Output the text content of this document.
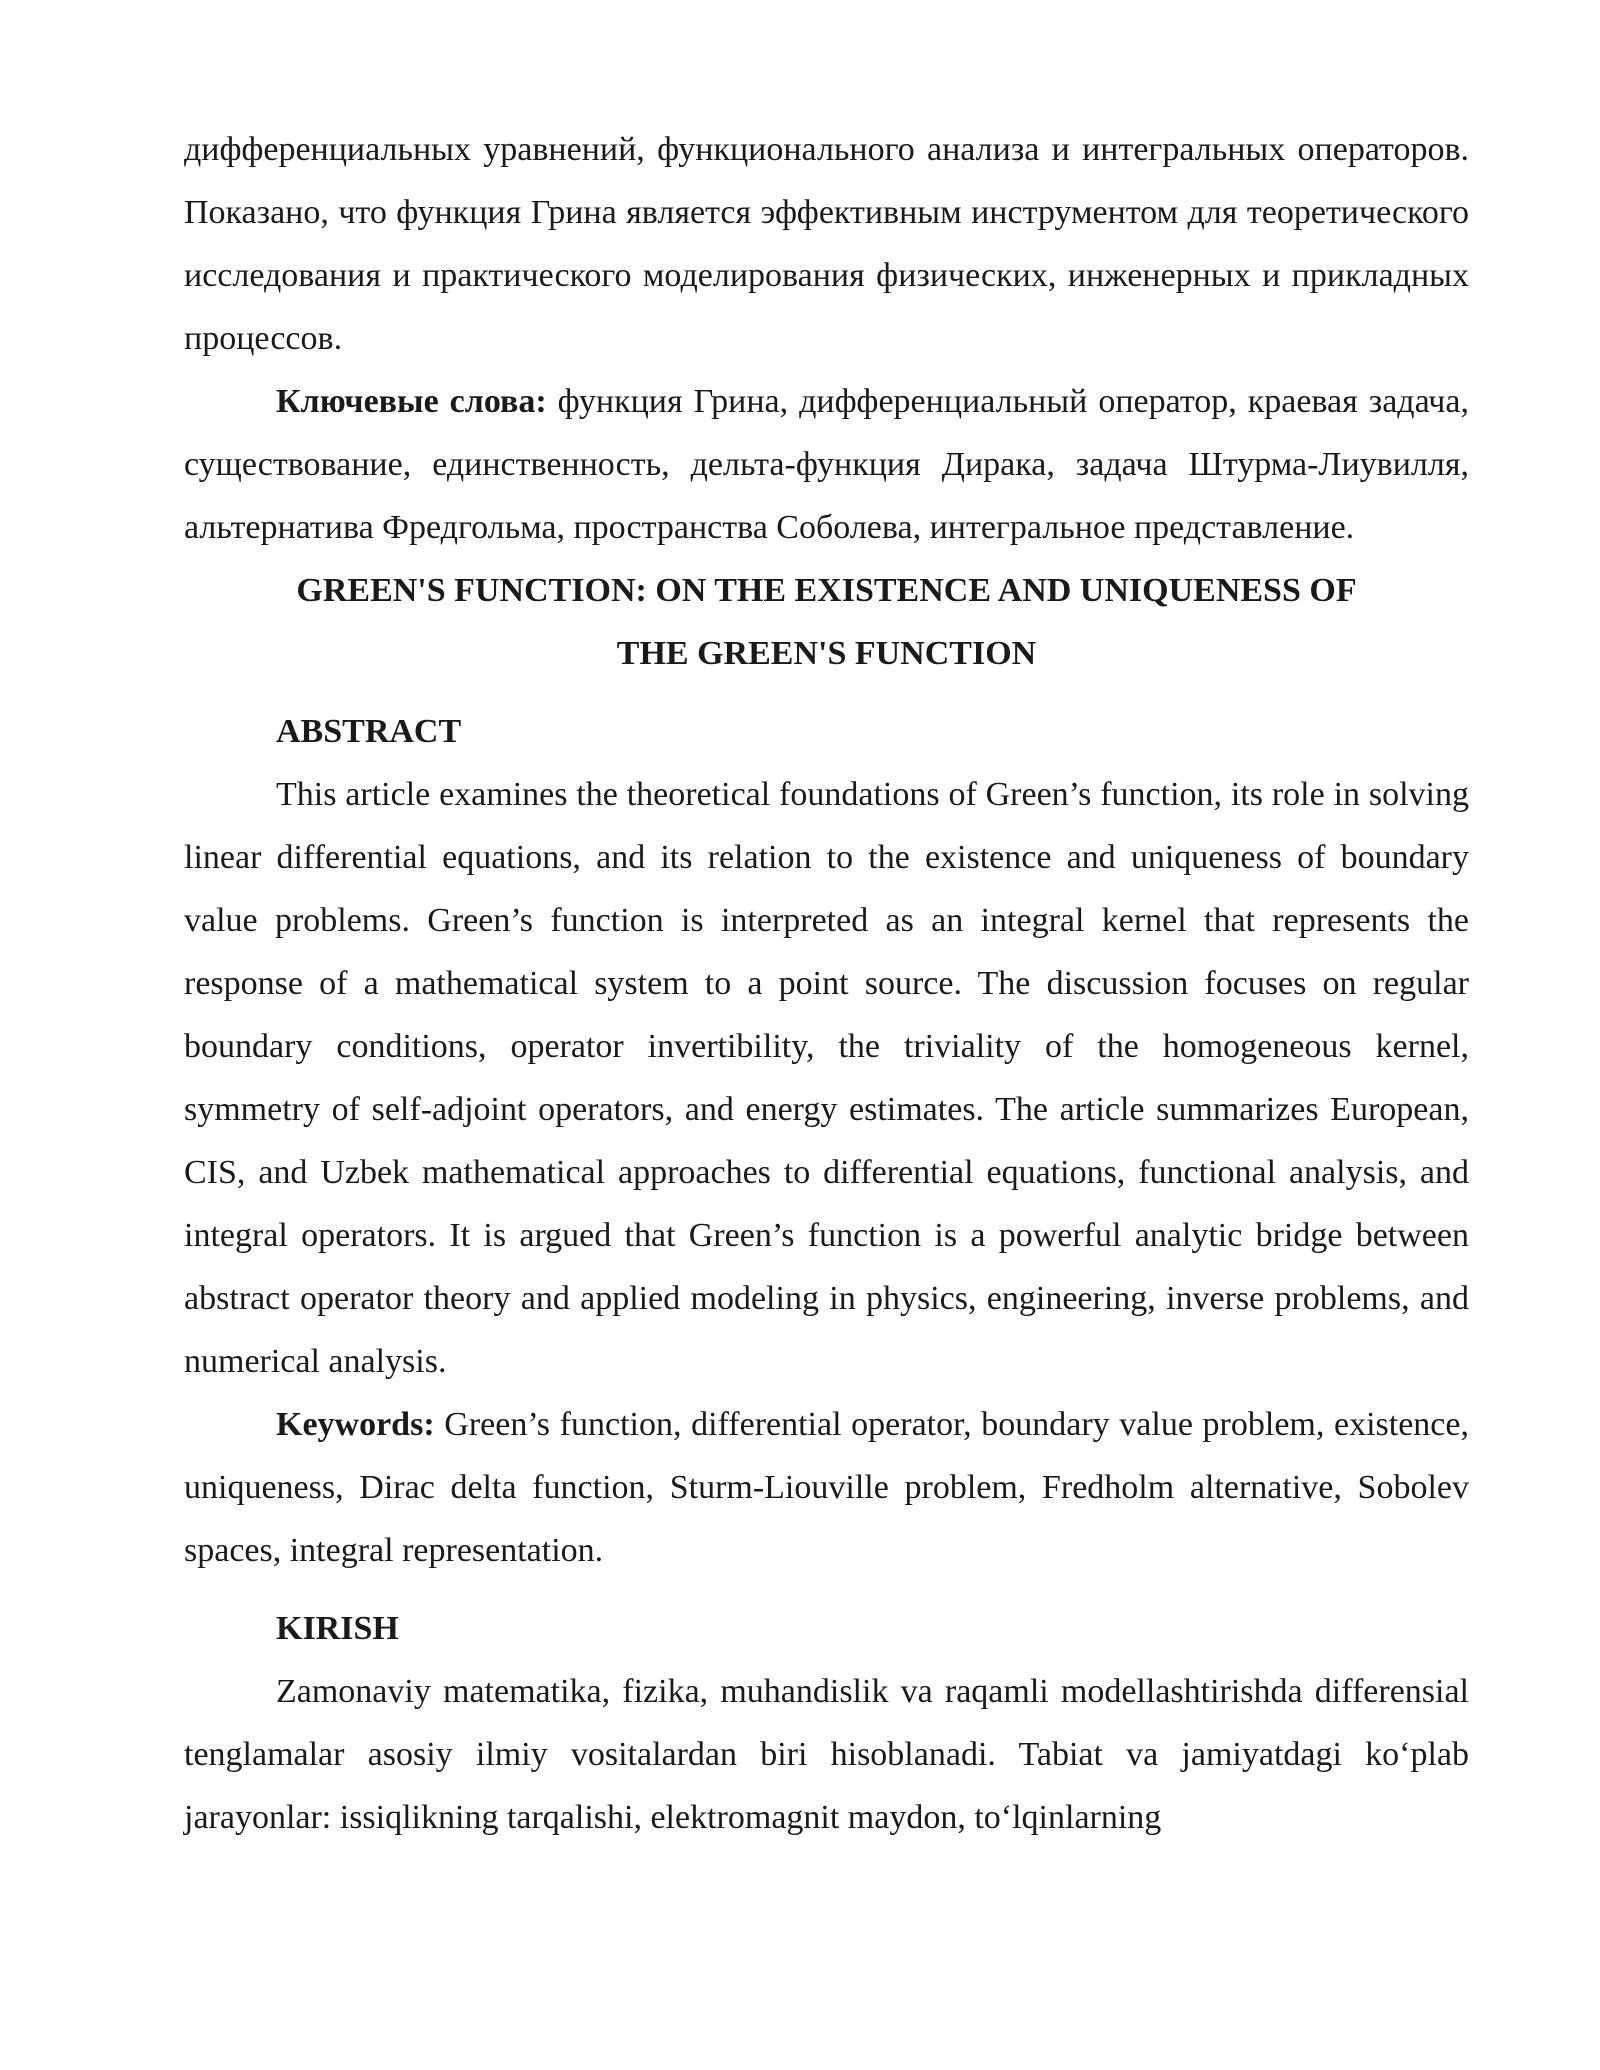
дифференциальных уравнений, функционального анализа и интегральных операторов. Показано, что функция Грина является эффективным инструментом для теоретического исследования и практического моделирования физических, инженерных и прикладных процессов.

Ключевые слова: функция Грина, дифференциальный оператор, краевая задача, существование, единственность, дельта-функция Дирака, задача Штурма-Лиувилля, альтернатива Фредгольма, пространства Соболева, интегральное представление.

GREEN'S FUNCTION: ON THE EXISTENCE AND UNIQUENESS OF

THE GREEN'S FUNCTION

ABSTRACT

This article examines the theoretical foundations of Green’s function, its role in solving linear differential equations, and its relation to the existence and uniqueness of boundary value problems. Green’s function is interpreted as an integral kernel that represents the response of a mathematical system to a point source. The discussion focuses on regular boundary conditions, operator invertibility, the triviality of the homogeneous kernel, symmetry of self-adjoint operators, and energy estimates. The article summarizes European, CIS, and Uzbek mathematical approaches to differential equations, functional analysis, and integral operators. It is argued that Green’s function is a powerful analytic bridge between abstract operator theory and applied modeling in physics, engineering, inverse problems, and numerical analysis.

Keywords: Green’s function, differential operator, boundary value problem, existence, uniqueness, Dirac delta function, Sturm-Liouville problem, Fredholm alternative, Sobolev spaces, integral representation.

KIRISH

Zamonaviy matematika, fizika, muhandislik va raqamli modellashtirishda differensial tenglamalar asosiy ilmiy vositalardan biri hisoblanadi. Tabiat va jamiyatdagi ko‘plab jarayonlar: issiqlikning tarqalishi, elektromagnit maydon, to‘lqinlarning
